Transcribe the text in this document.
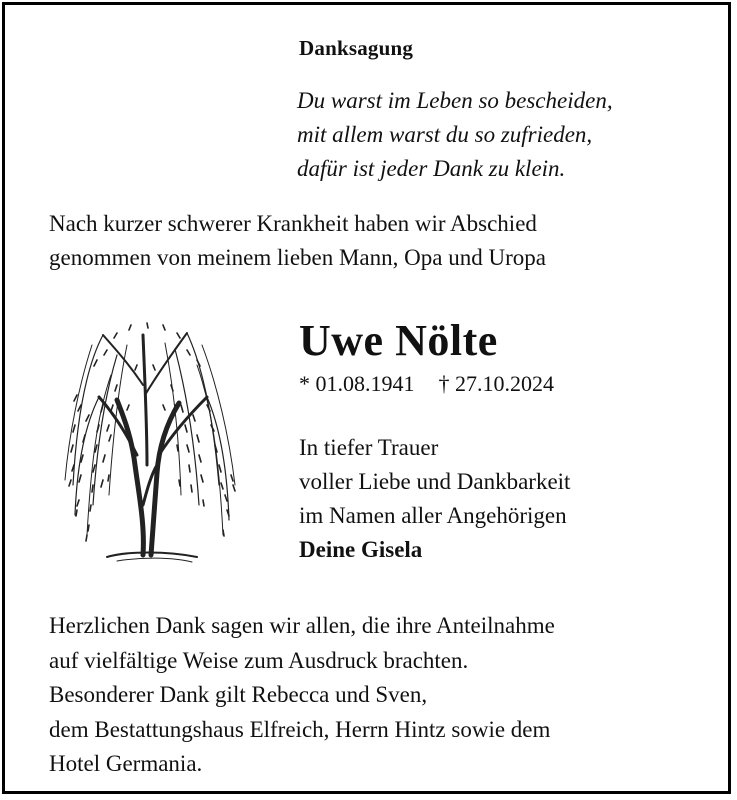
Danksagung
Du warst im Leben so bescheiden,
mit allem warst du so zufrieden,
dafür ist jeder Dank zu klein.
Nach kurzer schwerer Krankheit haben wir Abschied
genommen von meinem lieben Mann, Opa und Uropa
Uwe Nölte
* 01.08.1941 † 27.10.2024
In tiefer Trauer
voller Liebe und Dankbarkeit
im Namen aller Angehörigen
Deine Gisela
Herzlichen Dank sagen wir allen, die ihre Anteilnahme
auf vielfältige Weise zum Ausdruck brachten.
Besonderer Dank gilt Rebecca und Sven,
dem Bestattungshaus Elfreich, Herrn Hintz sowie dem
Hotel Germania.
